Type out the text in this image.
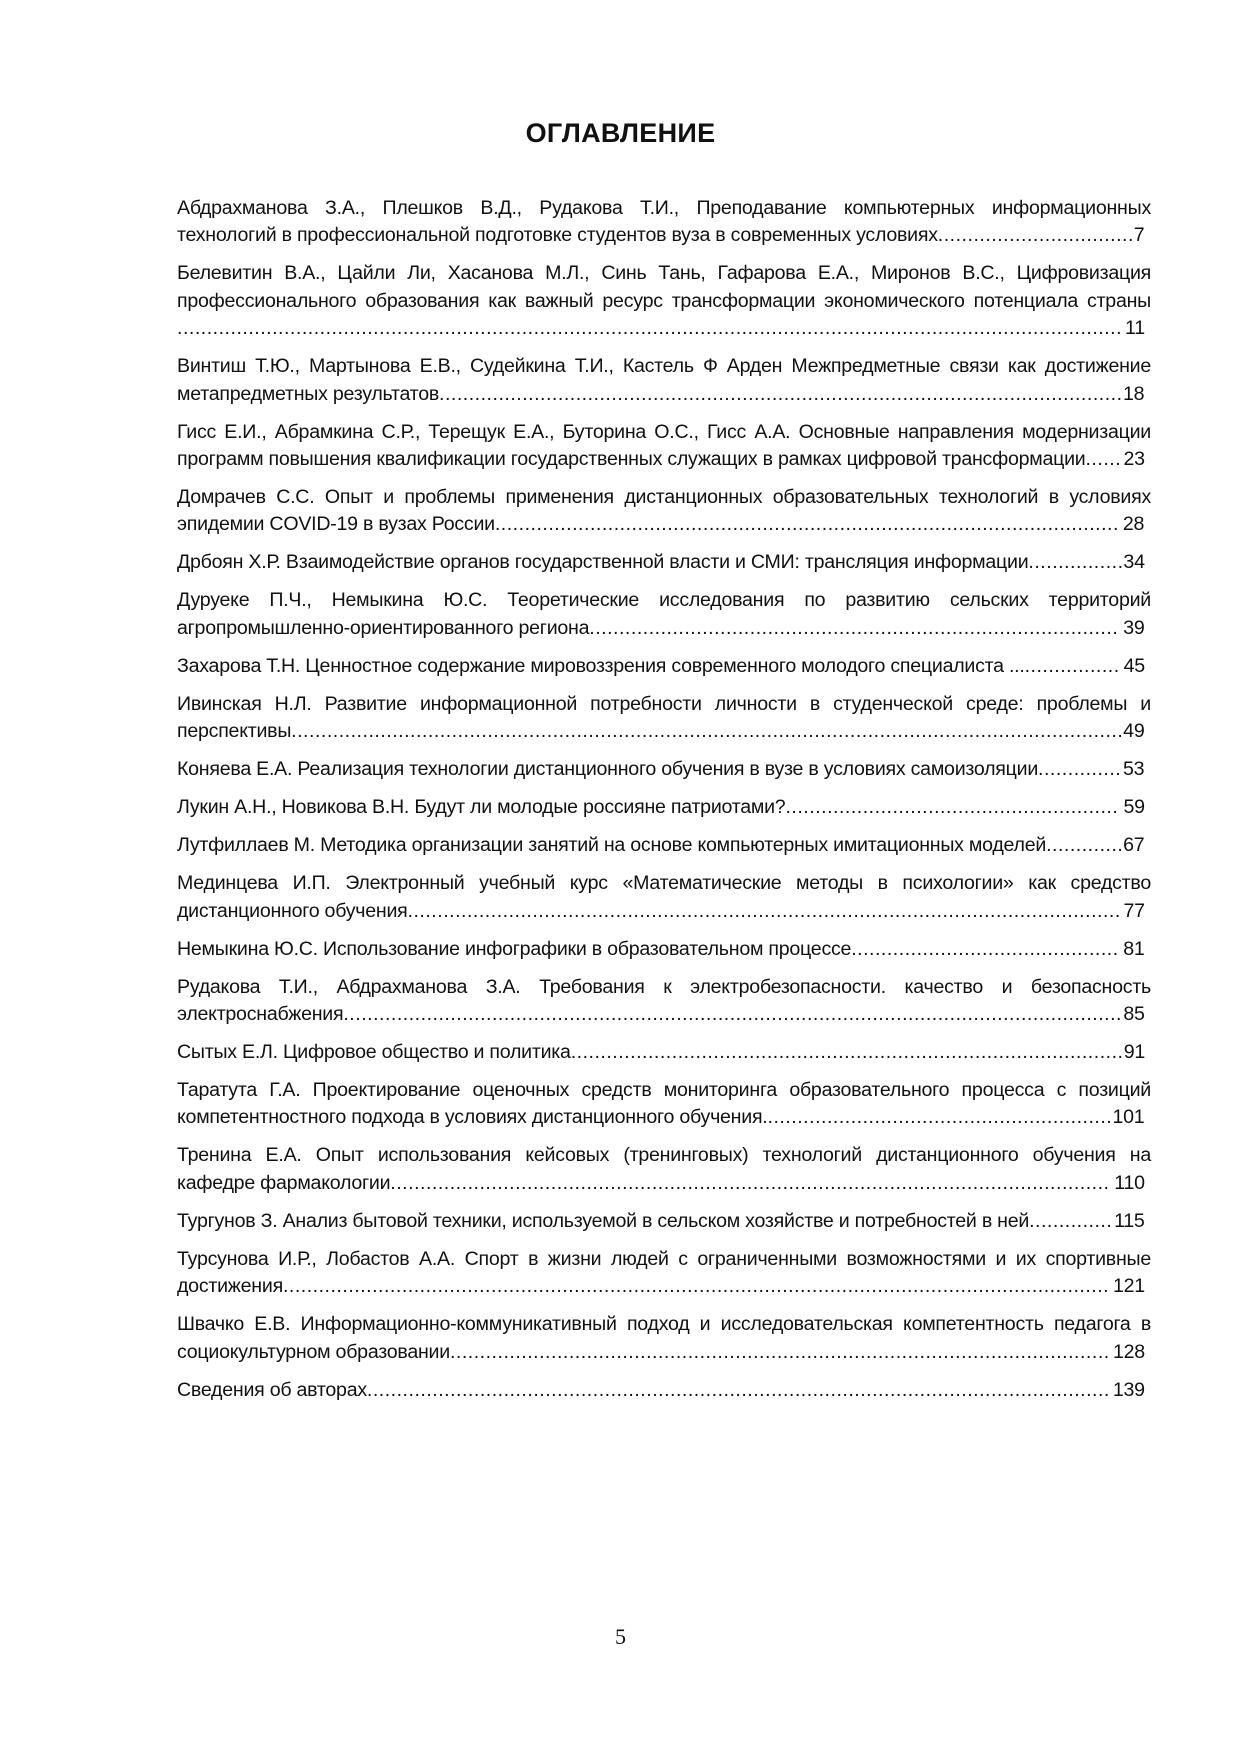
ОГЛАВЛЕНИЕ
Абдрахманова З.А., Плешков В.Д., Рудакова Т.И., Преподавание компьютерных информационных технологий в профессиональной подготовке студентов вуза в современных условиях.................................7
Белевитин В.А., Цайли Ли, Хасанова М.Л., Синь Тань, Гафарова Е.А., Миронов В.С., Цифровизация профессионального образования как важный ресурс трансформации экономического потенциала страны............................................................................................................................................................... 11
Винтиш Т.Ю., Мартынова Е.В., Судейкина Т.И., Кастель Ф Арден Межпредметные связи как достижение метапредметных результатов...................................................................................................................18
Гисс Е.И., Абрамкина С.Р., Терещук Е.А., Буторина О.С., Гисс А.А. Основные направления модернизации программ повышения квалификации государственных служащих в рамках цифровой трансформации...... 23
Домрачев С.С. Опыт и проблемы применения дистанционных образовательных технологий в условиях эпидемии COVID-19 в вузах России......................................................................................................... 28
Дрбоян Х.Р. Взаимодействие органов государственной власти и СМИ: трансляция информации................34
Дуруеке П.Ч., Немыкина Ю.С. Теоретические исследования по развитию сельских территорий агропромышленно-ориентированного региона......................................................................................... 39
Захарова Т.Н. Ценностное содержание мировоззрения современного молодого специалиста ................... 45
Ивинская Н.Л. Развитие информационной потребности личности в студенческой среде: проблемы и перспективы............................................................................................................................................49
Коняева Е.А. Реализация технологии дистанционного обучения в вузе в условиях самоизоляции..............53
Лукин А.Н., Новикова В.Н. Будут ли молодые россияне патриотами?........................................................ 59
Лутфиллаев М. Методика организации занятий на основе компьютерных имитационных моделей.............67
Мединцева И.П. Электронный учебный курс «Математические методы в психологии» как средство дистанционного обучения........................................................................................................................ 77
Немыкина Ю.С. Использование инфографики в образовательном процессе............................................. 81
Рудакова Т.И., Абдрахманова З.А. Требования к электробезопасности. качество и безопасность электроснабжения...................................................................................................................................85
Сытых Е.Л. Цифровое общество и политика.............................................................................................91
Таратута Г.А. Проектирование оценочных средств мониторинга образовательного процесса с позиций компетентностного подхода в условиях дистанционного обучения...........................................................101
Тренина Е.А. Опыт использования кейсовых (тренинговых) технологий дистанционного обучения на кафедре фармакологии......................................................................................................................... 110
Тургунов З. Анализ бытовой техники, используемой в сельском хозяйстве и потребностей в ней..............115
Турсунова И.Р., Лобастов А.А. Спорт в жизни людей с ограниченными возможностями и их спортивные достижения........................................................................................................................................... 121
Швачко Е.В. Информационно-коммуникативный подход и исследовательская компетентность педагога в социокультурном образовании............................................................................................................... 128
Сведения об авторах............................................................................................................................. 139
5
